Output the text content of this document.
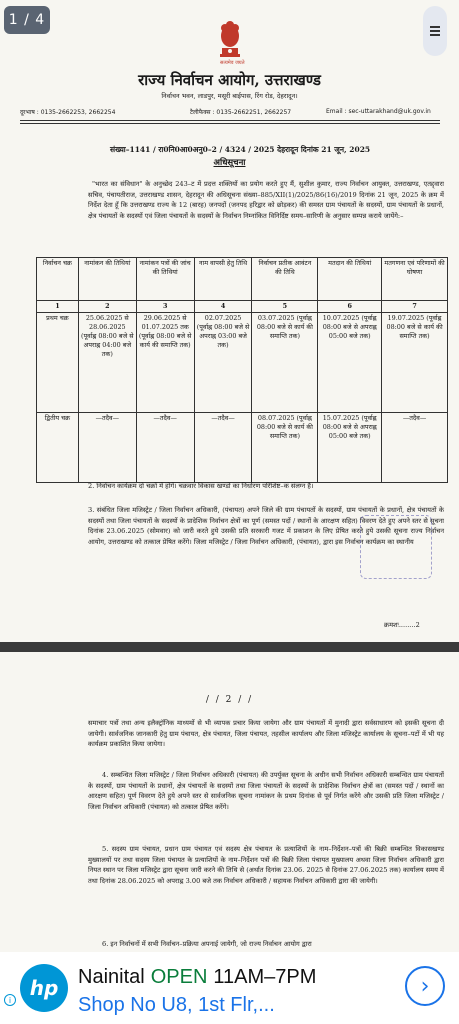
सत्यमेव जयते
राज्य निर्वाचन आयोग, उत्तराखण्ड
निर्वाचन भवन, लाडपुर, मसूरी बाईपास, रिंग रोड, देहरादून।
दूरभाष : 0135-2662253, 2662254	टैलीफैक्स : 0135-2662251, 2662257	Email : sec-uttarakhand@uk.gov.in
संख्या–1141 / रा0नि0आ0अनु0–2 / 4324 / 2025 देहरादून दिनांक 21 जून, 2025
अधिसूचना
"भारत का संविधान" के अनुच्छेद 243–ट में प्रदत्त शक्तियों का प्रयोग करते हुए मैं, सुशील कुमार, राज्य निर्वाचन आयुक्त, उत्तराखण्ड, एतद्द्वारा सचिव, पंचायतीराज, उत्तराखण्ड शासन, देहरादून की अधिसूचना संख्या–885/XII(1)/2025/86(16)/2019 दिनांक 21 जून, 2025 के क्रम में निर्देश देता हूँ कि उत्तराखण्ड राज्य के 12 (बारह) जनपदों (जनपद हरिद्वार को छोड़कर) की समस्त ग्राम पंचायतों के सदस्यों, ग्राम पंचायतों के प्रधानों, क्षेत्र पंचायतों के सदस्यों एवं जिला पंचायतों के सदस्यों के निर्वाचन निम्नांकित विनिर्दिष्ट समय–सारिणी के अनुसार सम्पन्न कराये जायेंगे:–
निर्वाचन चक्र	नामांकन की तिथियां	नामांकन पत्रों की जांच की तिथियां	नाम वापसी हेतु तिथि	निर्वाचन प्रतीक आवंटन की तिथि	मतदान की तिथियां	मतगणना एवं परिणामों की घोषणा
1	2	3	4	5	6	7
प्रथम चक्र	25.06.2025 से 28.06.2025 (पूर्वाह्न 08:00 बजे से अपराह्न 04:00 बजे तक)	29.06.2025 से 01.07.2025 तक (पूर्वाह्न 08:00 बजे से कार्य की समाप्ति तक)	02.07.2025 (पूर्वाह्न 08:00 बजे से अपराह्न 03:00 बजे तक)	03.07.2025 (पूर्वाह्न 08:00 बजे से कार्य की समाप्ति तक)	10.07.2025 (पूर्वाह्न 08:00 बजे से अपराह्न 05:00 बजे तक)	19.07.2025 (पूर्वाह्न 08:00 बजे से कार्य की समाप्ति तक)
द्वितीय चक्र	—तदैव—	—तदैव—	—तदैव—	08.07.2025 (पूर्वाह्न 08:00 बजे से कार्य की समाप्ति तक)	15.07.2025 (पूर्वाह्न 08:00 बजे से अपराह्न 05:00 बजे तक)	—तदैव—
2. निर्वाचन कार्यक्रम दो चक्रों में होगें। चक्रवार विकास खण्डों का निर्धारण परिशिष्ट–क संलग्न है।
3. संबंधित जिला मजिस्ट्रेट / जिला निर्वाचन अधिकारी, (पंचायत) अपने जिले की ग्राम पंचायतों के सदस्यों, ग्राम पंचायतों के प्रधानों, क्षेत्र पंचायतों के सदस्यों तथा जिला पंचायतों के सदस्यों के प्रादेशिक निर्वाचन क्षेत्रों का पूर्ण (समस्त पदों / स्थानों के आरक्षण सहित) विवरण देते हुए अपने स्तर से सूचना दिनांक 23.06.2025 (सोमवार) को जारी करते हुये उसकी प्रति सरकारी गजट में प्रकाशन के लिए प्रेषित करते हुये उसकी सूचना राज्य निर्वाचन आयोग, उत्तराखण्ड को तत्काल प्रेषित करेंगे। जिला मजिस्ट्रेट / जिला निर्वाचन अधिकारी, (पंचायत), द्वारा इस निर्वाचन कार्यक्रम का स्थानीय
क्रमशः........2
1 / 4
/ / 2 / /
समाचार पत्रों तथा अन्य इलैक्ट्रॉनिक माध्यमों से भी व्यापक प्रचार किया जायेगा और ग्राम पंचायतों में मुनादी द्वारा सर्वसाधारण को इसकी सूचना दी जायेगी। सार्वजनिक जानकारी हेतु ग्राम पंचायत, क्षेत्र पंचायत, जिला पंचायत, तहसील कार्यालय और जिला मजिस्ट्रेट कार्यालय के सूचना–पटों में भी यह कार्यक्रम प्रकाशित किया जायेगा।
4. सम्बन्धित जिला मजिस्ट्रेट / जिला निर्वाचन अधिकारी (पंचायत) की उपर्युक्त सूचना के अधीन सभी निर्वाचन अधिकारी सम्बन्धित ग्राम पंचायतों के सदस्यों, ग्राम पंचायतों के प्रधानों, क्षेत्र पंचायतों के सदस्यों तथा जिला पंचायतों के सदस्यों के प्रादेशिक निर्वाचन क्षेत्रों का (समस्त पदों / स्थानों का आरक्षण सहित) पूर्ण विवरण देते हुये अपने स्तर से सार्वजनिक सूचना नामांकन के प्रथम दिनांक से पूर्व निर्गत करेंगे और उसकी प्रति जिला मजिस्ट्रेट / जिला निर्वाचन अधिकारी (पंचायत) को तत्काल प्रेषित करेंगे।
5. सदस्य ग्राम पंचायत, प्रधान ग्राम पंचायत एवं सदस्य क्षेत्र पंचायत के प्रत्याशियों के नाम–निर्देशन–पत्रों की बिक्री सम्बन्धित विकासखण्ड मुख्यालयों पर तथा सदस्य जिला पंचायत के प्रत्याशियों के नाम–निर्देशन पत्रों की बिक्री जिला पंचायत मुख्यालय अथवा जिला निर्वाचन अधिकारी द्वारा नियत स्थान पर जिला मजिस्ट्रेट द्वारा सूचना जारी करने की तिथि से (अर्थात दिनांक 23.06. 2025 से दिनांक 27.06.2025 तक) कार्यालय समय में तथा दिनांक 28.06.2025 को अपराह्न 3.00 बजे तक निर्वाचन अधिकारी / सहायक निर्वाचन अधिकारी द्वारा की जायेगी।
6. इन निर्वाचनों में सभी निर्वाचन–प्रक्रिया अपनाई जायेगी, जो राज्य निर्वाचन आयोग द्वारा
hp
i
Nainital OPEN 11AM–7PM
Shop No U8, 1st Flr,...
›
